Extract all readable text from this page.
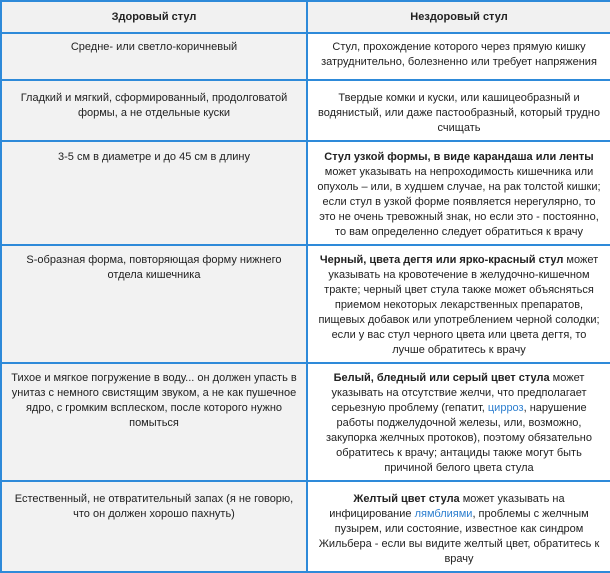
Здоровый стул	Нездоровый стул
Средне- или светло-коричневый	Стул, прохождение которого через прямую кишку затруднительно, болезненно или требует напряжения
Гладкий и мягкий, сформированный, продолговатой формы, а не отдельные куски	Твердые комки и куски, или кашицеобразный и водянистый, или даже пастообразный, который трудно счищать
3-5 см в диаметре и до 45 см в длину	Стул узкой формы, в виде карандаша или ленты может указывать на непроходимость кишечника или опухоль – или, в худшем случае, на рак толстой кишки; если стул в узкой форме появляется нерегулярно, то это не очень тревожный знак, но если это - постоянно, то вам определенно следует обратиться к врачу
S-образная форма, повторяющая форму нижнего отдела кишечника	Черный, цвета дегтя или ярко-красный стул может указывать на кровотечение в желудочно-кишечном тракте; черный цвет стула также может объясняться приемом некоторых лекарственных препаратов, пищевых добавок или употреблением черной солодки; если у вас стул черного цвета или цвета дегтя, то лучше обратитесь к врачу
Тихое и мягкое погружение в воду... он должен упасть в унитаз с немного свистящим звуком, а не как пушечное ядро, с громким всплеском, после которого нужно помыться	Белый, бледный или серый цвет стула может указывать на отсутствие желчи, что предполагает серьезную проблему (гепатит, цирроз, нарушение работы поджелудочной железы, или, возможно, закупорка желчных протоков), поэтому обязательно обратитесь к врачу; антациды также могут быть причиной белого цвета стула
Естественный, не отвратительный запах (я не говорю, что он должен хорошо пахнуть)	Желтый цвет стула может указывать на инфицирование лямблиями, проблемы с желчным пузырем, или состояние, известное как синдром Жильбера - если вы видите желтый цвет, обратитесь к врачу
